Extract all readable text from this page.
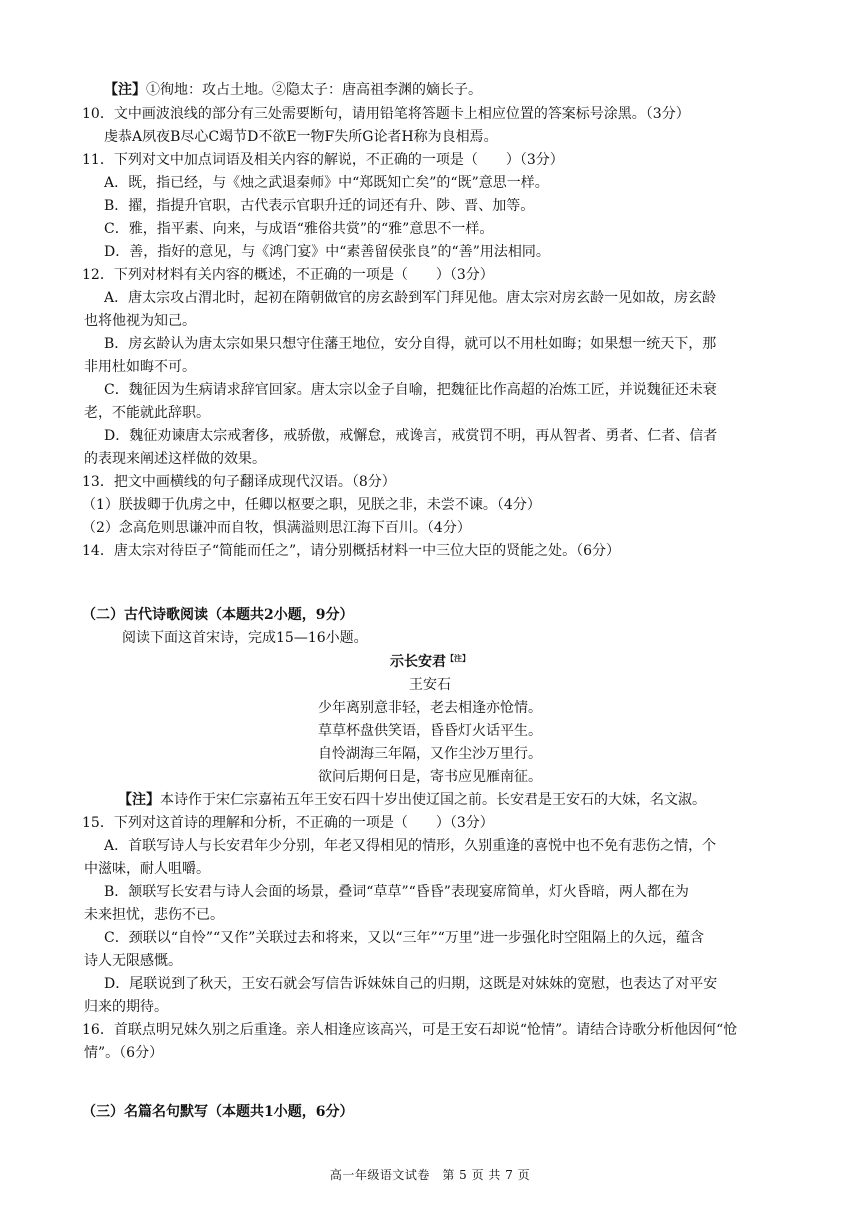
【注】①徇地：攻占土地。②隐太子：唐高祖李渊的嫡长子。
10．文中画波浪线的部分有三处需要断句，请用铅笔将答题卡上相应位置的答案标号涂黑。（3分）
虔恭A夙夜B尽心C竭节D不欲E一物F失所G论者H称为良相焉。
11．下列对文中加点词语及相关内容的解说，不正确的一项是（　　）（3分）
A．既，指已经，与《烛之武退秦师》中“郑既知亡矣”的“既”意思一样。
B．擢，指提升官职，古代表示官职升迁的词还有升、陟、晋、加等。
C．雅，指平素、向来，与成语“雅俗共赏”的“雅”意思不一样。
D．善，指好的意见，与《鸿门宴》中“素善留侯张良”的“善”用法相同。
12．下列对材料有关内容的概述，不正确的一项是（　　）（3分）
A．唐太宗攻占渭北时，起初在隋朝做官的房玄龄到军门拜见他。唐太宗对房玄龄一见如故，房玄龄
也将他视为知己。
B．房玄龄认为唐太宗如果只想守住藩王地位，安分自得，就可以不用杜如晦；如果想一统天下，那
非用杜如晦不可。
C．魏征因为生病请求辞官回家。唐太宗以金子自喻，把魏征比作高超的冶炼工匠，并说魏征还未衰
老，不能就此辞职。
D．魏征劝谏唐太宗戒奢侈，戒骄傲，戒懈怠，戒谗言，戒赏罚不明，再从智者、勇者、仁者、信者
的表现来阐述这样做的效果。
13．把文中画横线的句子翻译成现代汉语。（8分）
（1）朕拔卿于仇虏之中，任卿以枢要之职，见朕之非，未尝不谏。（4分）
（2）念高危则思谦冲而自牧，惧满溢则思江海下百川。（4分）
14．唐太宗对待臣子“简能而任之”，请分别概括材料一中三位大臣的贤能之处。（6分）
（二）古代诗歌阅读（本题共2小题，9分）
阅读下面这首宋诗，完成15—16小题。
示长安君$^{【注】}$
王安石
少年离别意非轻，老去相逢亦怆情。
草草杯盘供笑语，昏昏灯火话平生。
自怜湖海三年隔，又作尘沙万里行。
欲问后期何日是，寄书应见雁南征。
【注】本诗作于宋仁宗嘉祐五年王安石四十岁出使辽国之前。长安君是王安石的大妹，名文淑。
15．下列对这首诗的理解和分析，不正确的一项是（　　）（3分）
A．首联写诗人与长安君年少分别，年老又得相见的情形，久别重逢的喜悦中也不免有悲伤之情，个
中滋味，耐人咀嚼。
B．颔联写长安君与诗人会面的场景，叠词“草草”“昏昏”表现宴席简单，灯火昏暗，两人都在为
未来担忧，悲伤不已。
C．颈联以“自怜”“又作”关联过去和将来，又以“三年”“万里”进一步强化时空阻隔上的久远，蕴含
诗人无限感慨。
D．尾联说到了秋天，王安石就会写信告诉妹妹自己的归期，这既是对妹妹的宽慰，也表达了对平安
归来的期待。
16．首联点明兄妹久别之后重逢。亲人相逢应该高兴，可是王安石却说“怆情”。请结合诗歌分析他因何“怆
情”。（6分）
（三）名篇名句默写（本题共1小题，6分）
高一年级语文试卷　第 5 页 共 7 页
